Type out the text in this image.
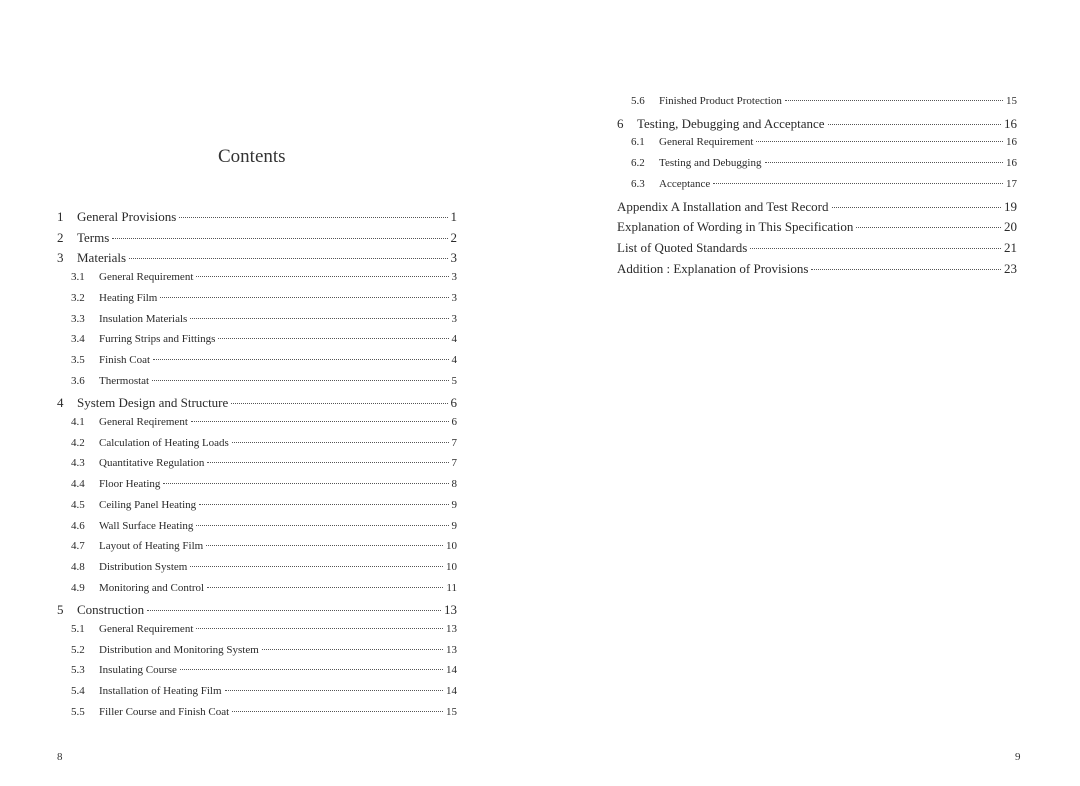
Contents
1	General Provisions	1
2	Terms	2
3	Materials	3
3.1	General Requirement	3
3.2	Heating Film	3
3.3	Insulation Materials	3
3.4	Furring Strips and Fittings	4
3.5	Finish Coat	4
3.6	Thermostat	5
4	System Design and Structure	6
4.1	General Reqirement	6
4.2	Calculation of Heating Loads	7
4.3	Quantitative Regulation	7
4.4	Floor Heating	8
4.5	Ceiling Panel Heating	9
4.6	Wall Surface Heating	9
4.7	Layout of Heating Film	10
4.8	Distribution System	10
4.9	Monitoring and Control	11
5	Construction	13
5.1	General Requirement	13
5.2	Distribution and Monitoring System	13
5.3	Insulating Course	14
5.4	Installation of Heating Film	14
5.5	Filler Course and Finish Coat	15
8
5.6	Finished Product Protection	15
6	Testing, Debugging and Acceptance	16
6.1	General Requirement	16
6.2	Testing and Debugging	16
6.3	Acceptance	17
Appendix A Installation and Test Record	19
Explanation of Wording in This Specification	20
List of Quoted Standards	21
Addition : Explanation of Provisions	23
9
